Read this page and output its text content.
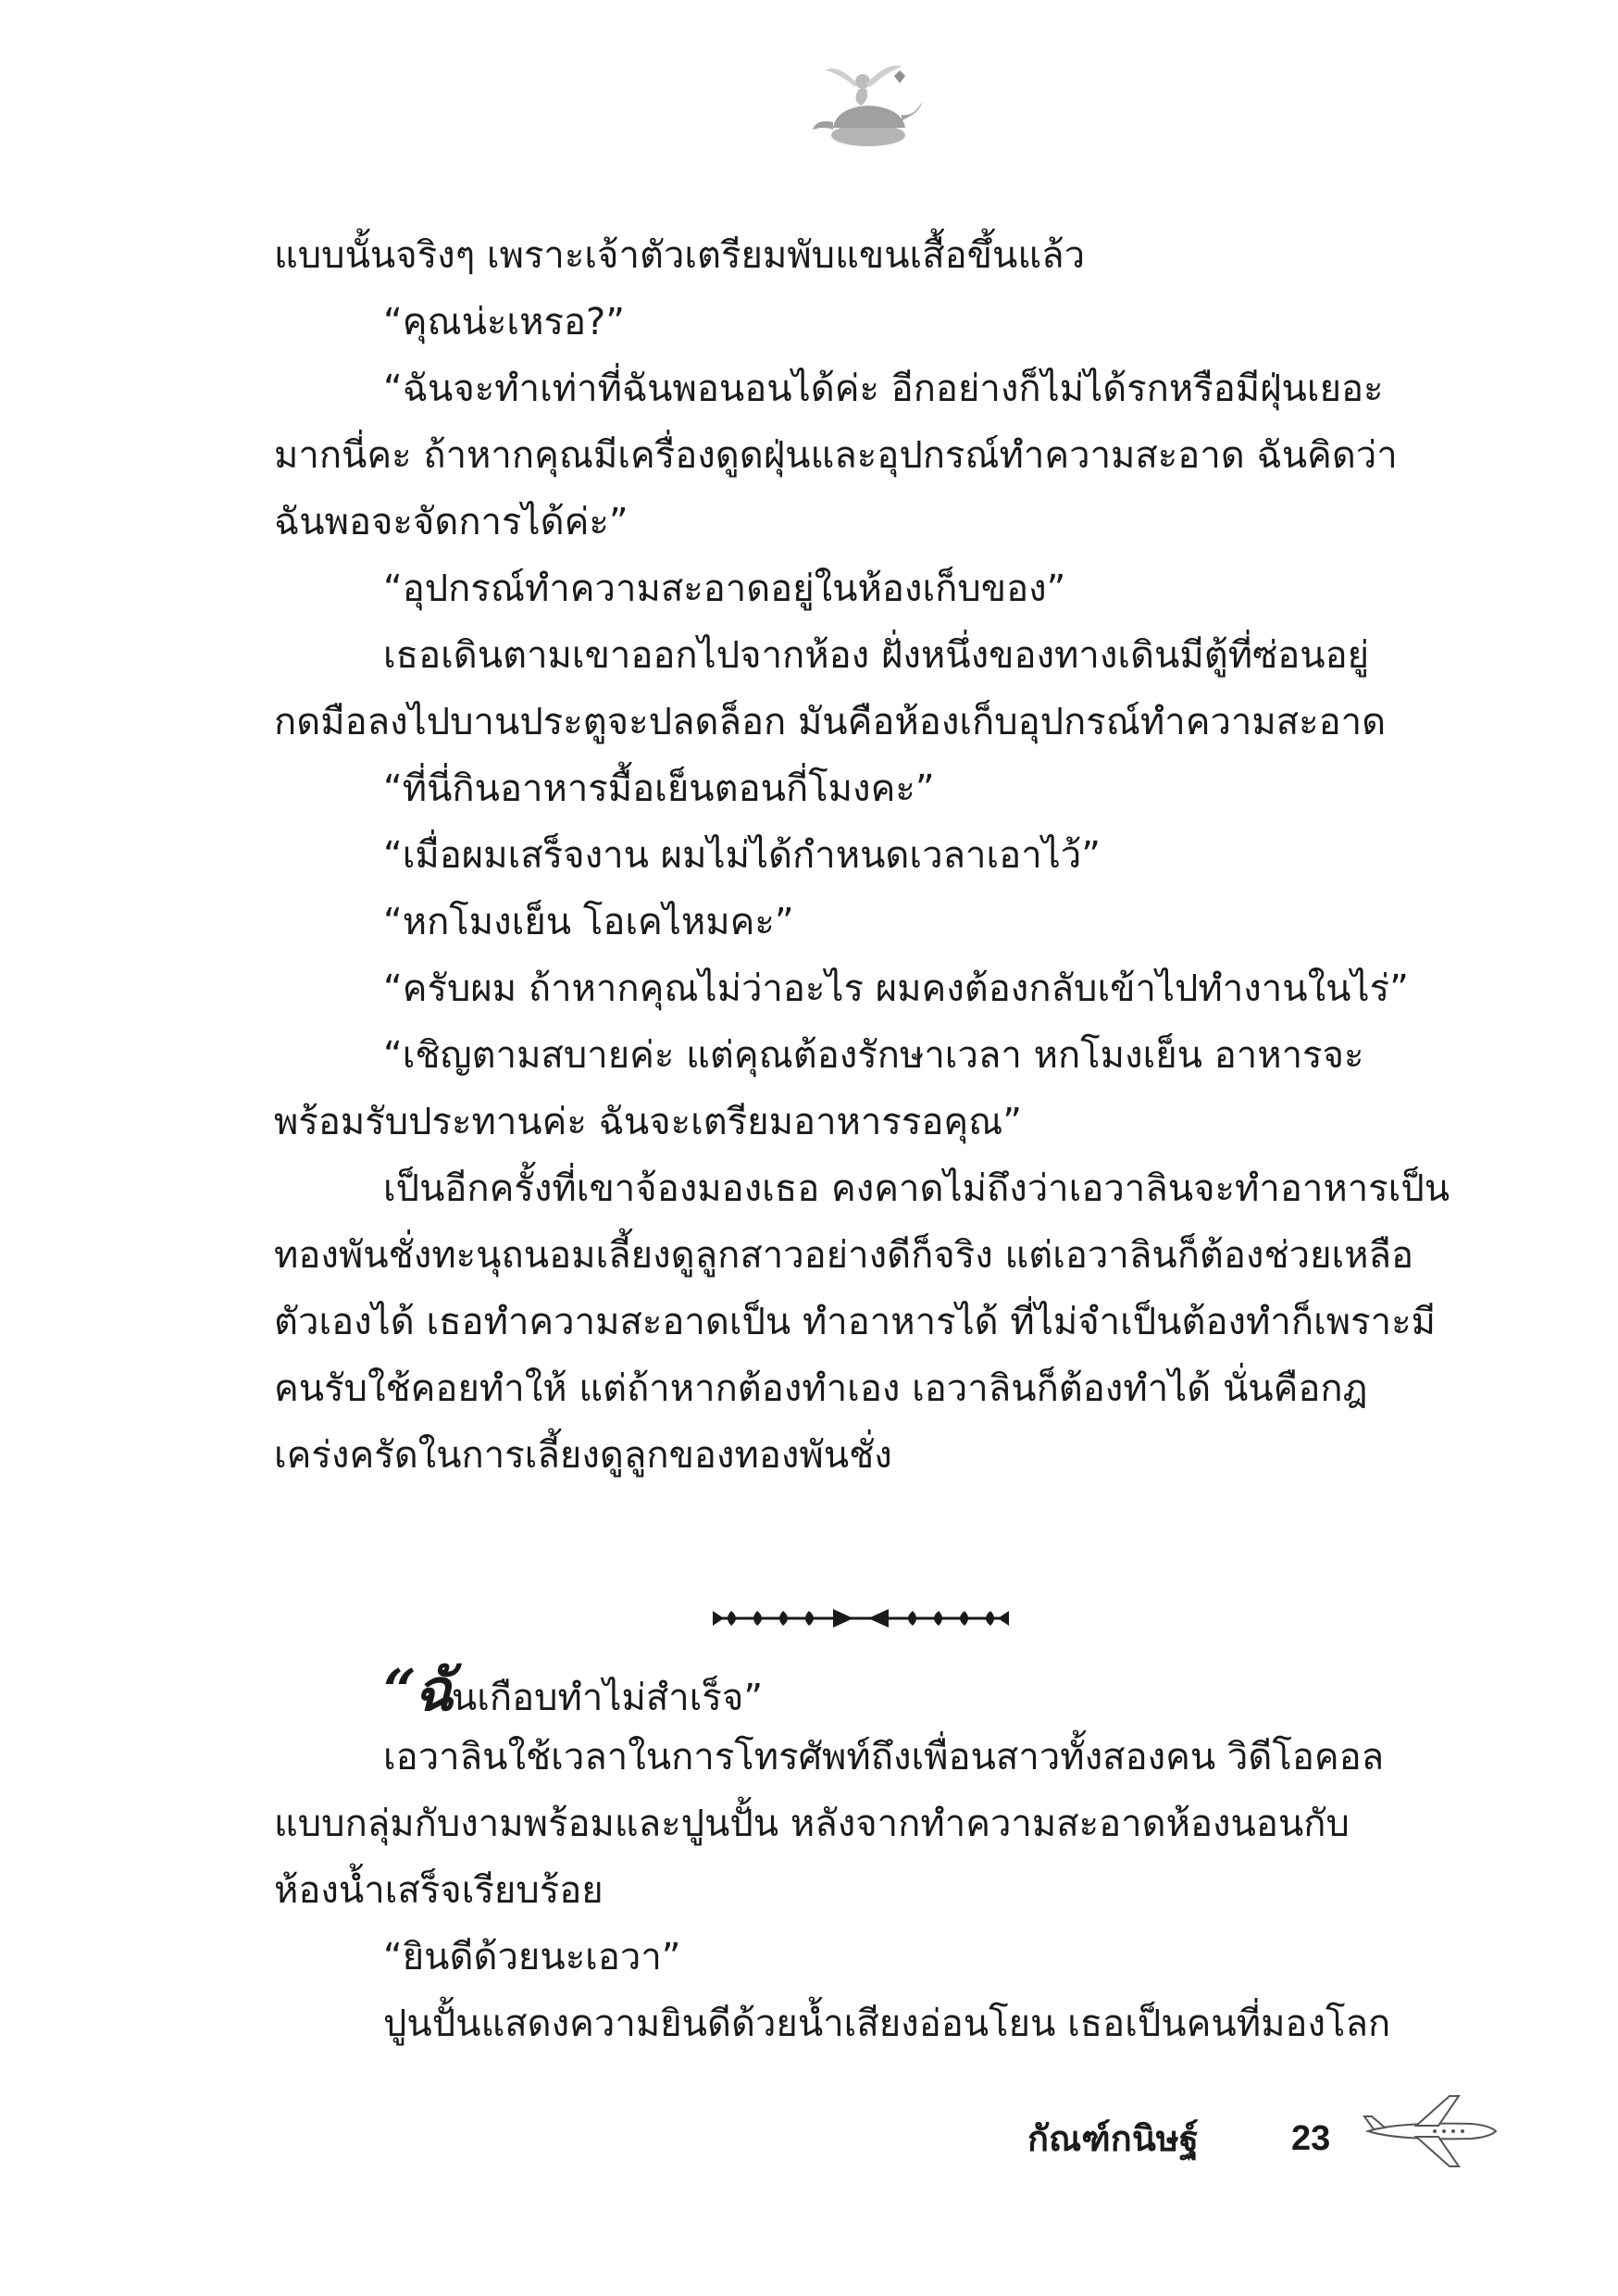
แบบนั้นจริงๆ เพราะเจ้าตัวเตรียมพับแขนเสื้อขึ้นแล้ว
“คุณน่ะเหรอ?”
“ฉันจะทำเท่าที่ฉันพอนอนได้ค่ะ อีกอย่างก็ไม่ได้รกหรือมีฝุ่นเยอะ
มากนี่คะ ถ้าหากคุณมีเครื่องดูดฝุ่นและอุปกรณ์ทำความสะอาด ฉันคิดว่า
ฉันพอจะจัดการได้ค่ะ”
“อุปกรณ์ทำความสะอาดอยู่ในห้องเก็บของ”
เธอเดินตามเขาออกไปจากห้อง ฝั่งหนึ่งของทางเดินมีตู้ที่ซ่อนอยู่
กดมือลงไปบานประตูจะปลดล็อก มันคือห้องเก็บอุปกรณ์ทำความสะอาด
“ที่นี่กินอาหารมื้อเย็นตอนกี่โมงคะ”
“เมื่อผมเสร็จงาน ผมไม่ได้กำหนดเวลาเอาไว้”
“หกโมงเย็น โอเคไหมคะ”
“ครับผม ถ้าหากคุณไม่ว่าอะไร ผมคงต้องกลับเข้าไปทำงานในไร่”
“เชิญตามสบายค่ะ แต่คุณต้องรักษาเวลา หกโมงเย็น อาหารจะ
พร้อมรับประทานค่ะ ฉันจะเตรียมอาหารรอคุณ”
เป็นอีกครั้งที่เขาจ้องมองเธอ คงคาดไม่ถึงว่าเอวาลินจะทำอาหารเป็น
ทองพันชั่งทะนุถนอมเลี้ยงดูลูกสาวอย่างดีก็จริง แต่เอวาลินก็ต้องช่วยเหลือ
ตัวเองได้ เธอทำความสะอาดเป็น ทำอาหารได้ ที่ไม่จำเป็นต้องทำก็เพราะมี
คนรับใช้คอยทำให้ แต่ถ้าหากต้องทำเอง เอวาลินก็ต้องทำได้ นั่นคือกฎ
เคร่งครัดในการเลี้ยงดูลูกของทองพันชั่ง
“ฉันเกือบทำไม่สำเร็จ”
เอวาลินใช้เวลาในการโทรศัพท์ถึงเพื่อนสาวทั้งสองคน วิดีโอคอล
แบบกลุ่มกับงามพร้อมและปูนปั้น หลังจากทำความสะอาดห้องนอนกับ
ห้องน้ำเสร็จเรียบร้อย
“ยินดีด้วยนะเอวา”
ปูนปั้นแสดงความยินดีด้วยน้ำเสียงอ่อนโยน เธอเป็นคนที่มองโลก
กัณฑ์กนิษฐ์	23
